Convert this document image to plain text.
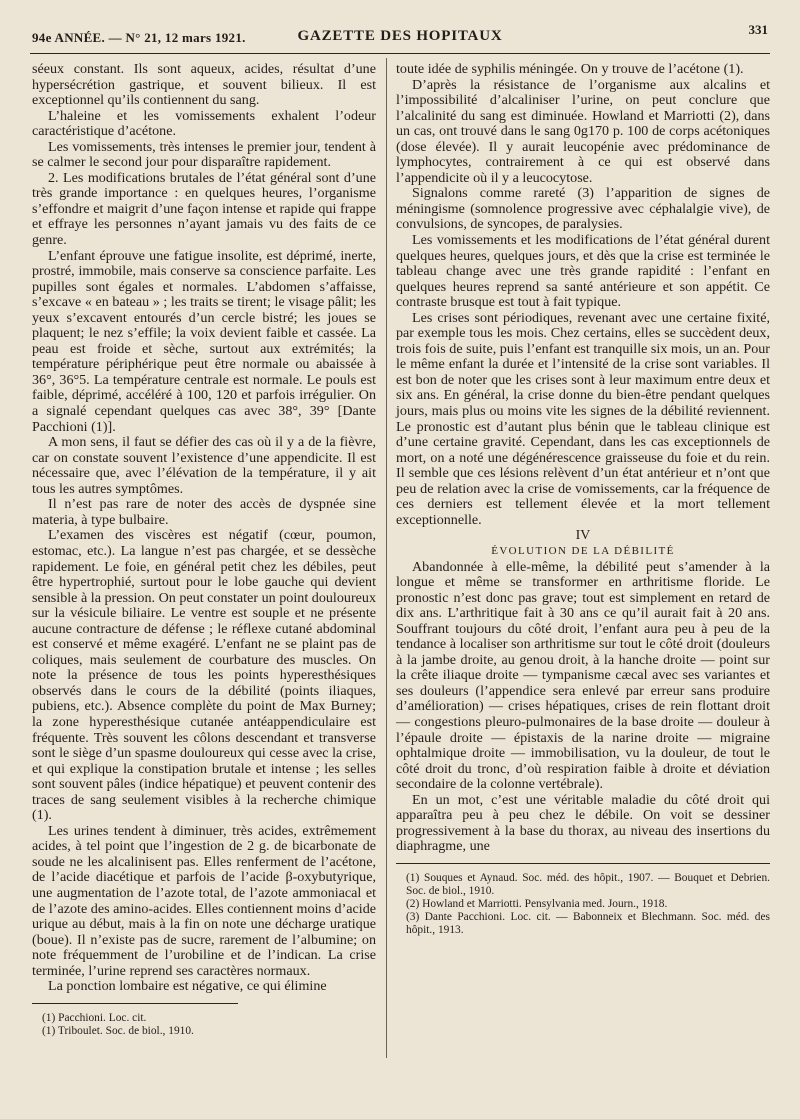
94e ANNÉE. — N° 21, 12 mars 1921.	GAZETTE DES HOPITAUX	331

séeux constant. Ils sont aqueux, acides, résultat d’une hypersécrétion gastrique, et souvent bilieux. Il est exceptionnel qu’ils contiennent du sang.

L’haleine et les vomissements exhalent l’odeur caractéristique d’acétone.

Les vomissements, très intenses le premier jour, tendent à se calmer le second jour pour disparaître rapidement.

2. Les modifications brutales de l’état général sont d’une très grande importance : en quelques heures, l’organisme s’effondre et maigrit d’une façon intense et rapide qui frappe et effraye les personnes n’ayant jamais vu des faits de ce genre.

L’enfant éprouve une fatigue insolite, est déprimé, inerte, prostré, immobile, mais conserve sa conscience parfaite. Les pupilles sont égales et normales. L’abdomen s’affaisse, s’excave « en bateau » ; les traits se tirent; le visage pâlit; les yeux s’excavent entourés d’un cercle bistré; les joues se plaquent; le nez s’effile; la voix devient faible et cassée. La peau est froide et sèche, surtout aux extrémités; la température périphérique peut être normale ou abaissée à 36°, 36°5. La température centrale est normale. Le pouls est faible, déprimé, accéléré à 100, 120 et parfois irrégulier. On a signalé cependant quelques cas avec 38°, 39° [Dante Pacchioni (1)].

A mon sens, il faut se défier des cas où il y a de la fièvre, car on constate souvent l’existence d’une appendicite. Il est nécessaire que, avec l’élévation de la température, il y ait tous les autres symptômes.

Il n’est pas rare de noter des accès de dyspnée sine materia, à type bulbaire.

L’examen des viscères est négatif (cœur, poumon, estomac, etc.). La langue n’est pas chargée, et se dessèche rapidement. Le foie, en général petit chez les débiles, peut être hypertrophié, surtout pour le lobe gauche qui devient sensible à la pression. On peut constater un point douloureux sur la vésicule biliaire. Le ventre est souple et ne présente aucune contracture de défense ; le réflexe cutané abdominal est conservé et même exagéré. L’enfant ne se plaint pas de coliques, mais seulement de courbature des muscles. On note la présence de tous les points hyperesthésiques observés dans le cours de la débilité (points iliaques, pubiens, etc.). Absence complète du point de Max Burney; la zone hyperesthésique cutanée antéappendiculaire est fréquente. Très souvent les côlons descendant et transverse sont le siège d’un spasme douloureux qui cesse avec la crise, et qui explique la constipation brutale et intense ; les selles sont souvent pâles (indice hépatique) et peuvent contenir des traces de sang seulement visibles à la recherche chimique (1).

Les urines tendent à diminuer, très acides, extrêmement acides, à tel point que l’ingestion de 2 g. de bicarbonate de soude ne les alcalinisent pas. Elles renferment de l’acétone, de l’acide diacétique et parfois de l’acide β-oxybutyrique, une augmentation de l’azote total, de l’azote ammoniacal et de l’azote des amino-acides. Elles contiennent moins d’acide urique au début, mais à la fin on note une décharge uratique (boue). Il n’existe pas de sucre, rarement de l’albumine; on note fréquemment de l’urobiline et de l’indican. La crise terminée, l’urine reprend ses caractères normaux.

La ponction lombaire est négative, ce qui élimine

(1) Pacchioni. Loc. cit.

(1) Triboulet. Soc. de biol., 1910.

toute idée de syphilis méningée. On y trouve de l’acétone (1).

D’après la résistance de l’organisme aux alcalins et l’impossibilité d’alcaliniser l’urine, on peut conclure que l’alcalinité du sang est diminuée. Howland et Marriotti (2), dans un cas, ont trouvé dans le sang 0g170 p. 100 de corps acétoniques (dose élevée). Il y aurait leucopénie avec prédominance de lymphocytes, contrairement à ce qui est observé dans l’appendicite où il y a leucocytose.

Signalons comme rareté (3) l’apparition de signes de méningisme (somnolence progressive avec céphalalgie vive), de convulsions, de syncopes, de paralysies.

Les vomissements et les modifications de l’état général durent quelques heures, quelques jours, et dès que la crise est terminée le tableau change avec une très grande rapidité : l’enfant en quelques heures reprend sa santé antérieure et son appétit. Ce contraste brusque est tout à fait typique.

Les crises sont périodiques, revenant avec une certaine fixité, par exemple tous les mois. Chez certains, elles se succèdent deux, trois fois de suite, puis l’enfant est tranquille six mois, un an. Pour le même enfant la durée et l’intensité de la crise sont variables. Il est bon de noter que les crises sont à leur maximum entre deux et six ans. En général, la crise donne du bien-être pendant quelques jours, mais plus ou moins vite les signes de la débilité reviennent. Le pronostic est d’autant plus bénin que le tableau clinique est d’une certaine gravité. Cependant, dans les cas exceptionnels de mort, on a noté une dégénérescence graisseuse du foie et du rein. Il semble que ces lésions relèvent d’un état antérieur et n’ont que peu de relation avec la crise de vomissements, car la fréquence de ces derniers est tellement élevée et la mort tellement exceptionnelle.

IV

ÉVOLUTION DE LA DÉBILITÉ

Abandonnée à elle-même, la débilité peut s’amender à la longue et même se transformer en arthritisme floride. Le pronostic n’est donc pas grave; tout est simplement en retard de dix ans. L’arthritique fait à 30 ans ce qu’il aurait fait à 20 ans. Souffrant toujours du côté droit, l’enfant aura peu à peu de la tendance à localiser son arthritisme sur tout le côté droit (douleurs à la jambe droite, au genou droit, à la hanche droite — point sur la crête iliaque droite — tympanisme cæcal avec ses variantes et ses douleurs (l’appendice sera enlevé par erreur sans produire d’amélioration) — crises hépatiques, crises de rein flottant droit — congestions pleuro-pulmonaires de la base droite — douleur à l’épaule droite — épistaxis de la narine droite — migraine ophtalmique droite — immobilisation, vu la douleur, de tout le côté droit du tronc, d’où respiration faible à droite et déviation secondaire de la colonne vertébrale).

En un mot, c’est une véritable maladie du côté droit qui apparaîtra peu à peu chez le débile. On voit se dessiner progressivement à la base du thorax, au niveau des insertions du diaphragme, une

(1) Souques et Aynaud. Soc. méd. des hôpit., 1907. — Bouquet et Debrien. Soc. de biol., 1910.

(2) Howland et Marriotti. Pensylvania med. Journ., 1918.

(3) Dante Pacchioni. Loc. cit. — Babonneix et Blechmann. Soc. méd. des hôpit., 1913.
